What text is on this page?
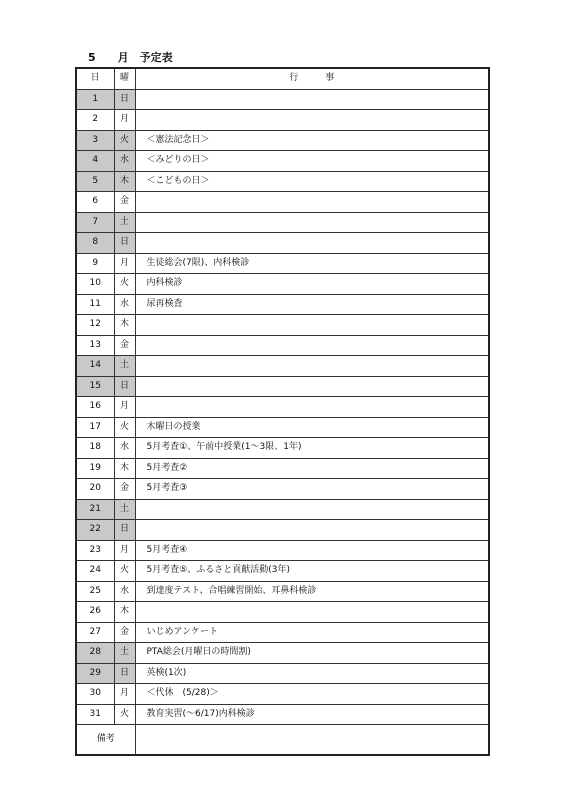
5　　月　予定表
日	曜	行　　　事
1	日	
2	月	
3	火	＜憲法記念日＞
4	水	＜みどりの日＞
5	木	＜こどもの日＞
6	金	
7	土	
8	日	
9	月	生徒総会(7限)、内科検診
10	火	内科検診
11	水	尿再検査
12	木	
13	金	
14	土	
15	日	
16	月	
17	火	木曜日の授業
18	水	5月考査①、午前中授業(1～3限、1年)
19	木	5月考査②
20	金	5月考査③
21	土	
22	日	
23	月	5月考査④
24	火	5月考査⑤、ふるさと貢献活動(3年)
25	水	到達度テスト、合唱練習開始、耳鼻科検診
26	木	
27	金	いじめアンケート
28	土	PTA総会(月曜日の時間割)
29	日	英検(1次)
30	月	＜代休　(5/28)＞
31	火	教育実習(～6/17)内科検診
備考		
